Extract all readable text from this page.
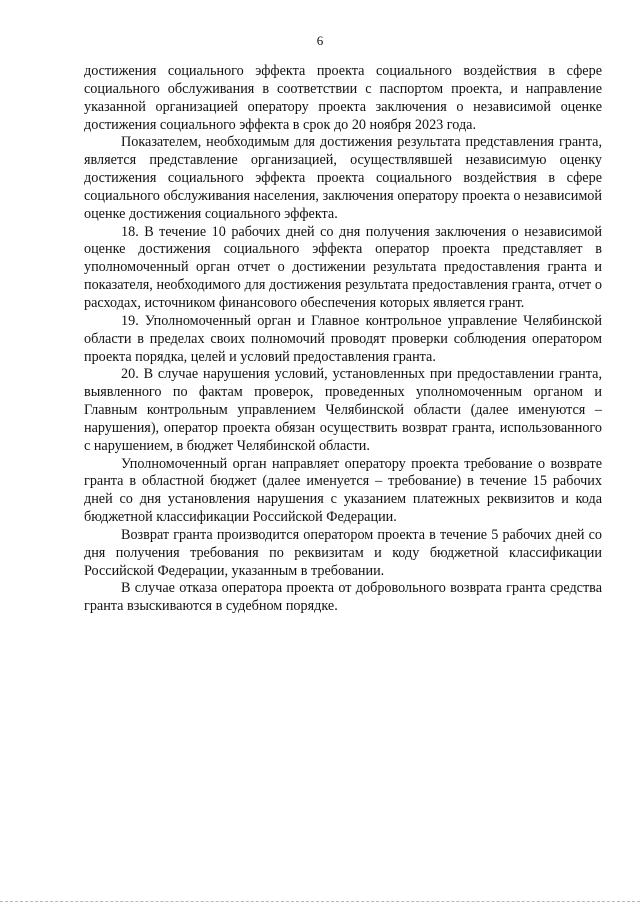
6

достижения социального эффекта проекта социального воздействия в сфере социального обслуживания в соответствии с паспортом проекта, и направление указанной организацией оператору проекта заключения о независимой оценке достижения социального эффекта в срок до 20 ноября 2023 года.

Показателем, необходимым для достижения результата представления гранта, является представление организацией, осуществлявшей независимую оценку достижения социального эффекта проекта социального воздействия в сфере социального обслуживания населения, заключения оператору проекта о независимой оценке достижения социального эффекта.

18. В течение 10 рабочих дней со дня получения заключения о независимой оценке достижения социального эффекта оператор проекта представляет в уполномоченный орган отчет о достижении результата предоставления гранта и показателя, необходимого для достижения результата предоставления гранта, отчет о расходах, источником финансового обеспечения которых является грант.

19. Уполномоченный орган и Главное контрольное управление Челябинской области в пределах своих полномочий проводят проверки соблюдения оператором проекта порядка, целей и условий предоставления гранта.

20. В случае нарушения условий, установленных при предоставлении гранта, выявленного по фактам проверок, проведенных уполномоченным органом и Главным контрольным управлением Челябинской области (далее именуются – нарушения), оператор проекта обязан осуществить возврат гранта, использованного с нарушением, в бюджет Челябинской области.

Уполномоченный орган направляет оператору проекта требование о возврате гранта в областной бюджет (далее именуется – требование) в течение 15 рабочих дней со дня установления нарушения с указанием платежных реквизитов и кода бюджетной классификации Российской Федерации.

Возврат гранта производится оператором проекта в течение 5 рабочих дней со дня получения требования по реквизитам и коду бюджетной классификации Российской Федерации, указанным в требовании.

В случае отказа оператора проекта от добровольного возврата гранта средства гранта взыскиваются в судебном порядке.
